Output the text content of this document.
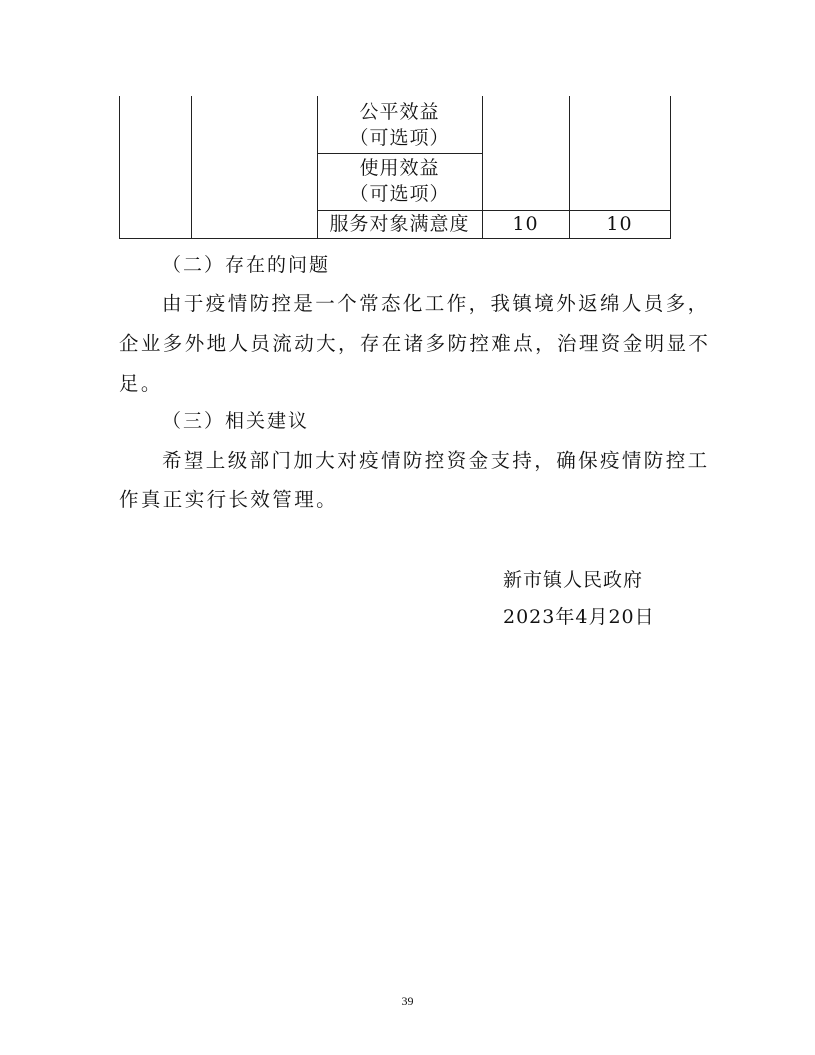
公平效益
（可选项）
使用效益
（可选项）
服务对象满意度	10	10
（二）存在的问题
由于疫情防控是一个常态化工作，我镇境外返绵人员多，
企业多外地人员流动大，存在诸多防控难点，治理资金明显不
足。
（三）相关建议
希望上级部门加大对疫情防控资金支持，确保疫情防控工
作真正实行长效管理。
新市镇人民政府
2023年4月20日
39
